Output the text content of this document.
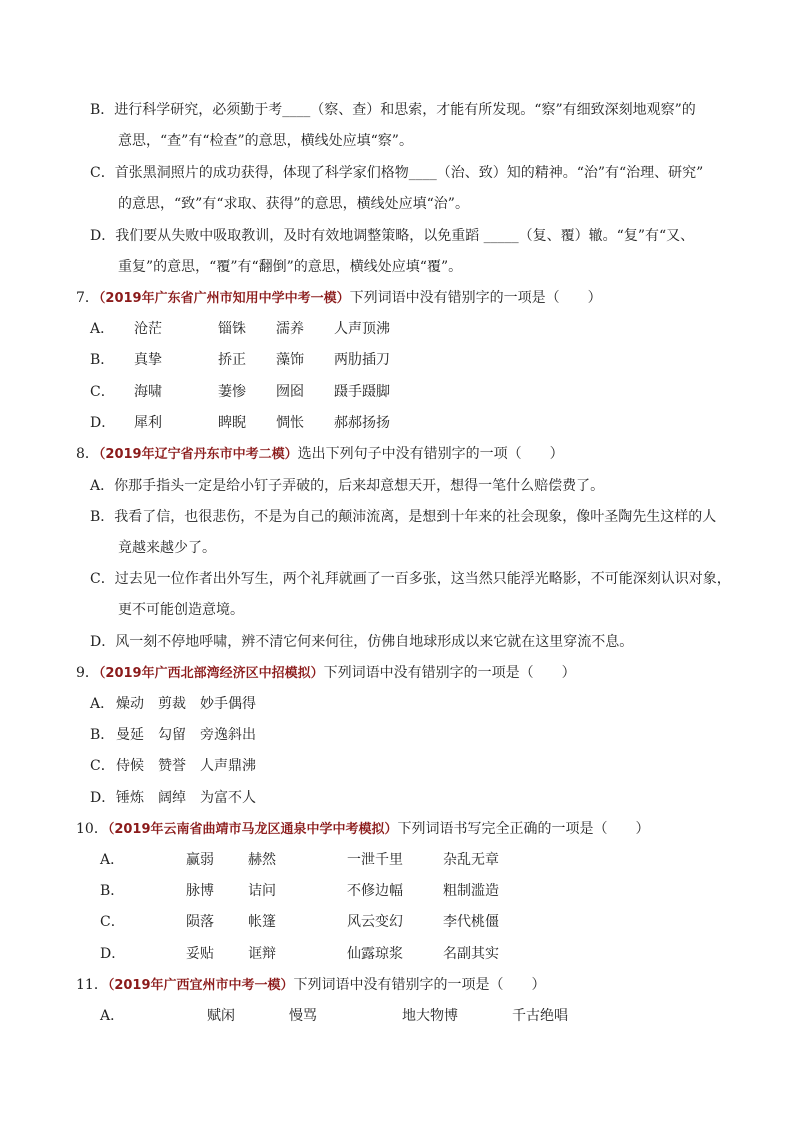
B．进行科学研究，必须勤于考____（察、查）和思索，才能有所发现。“察”有细致深刻地观察”的
意思，“查”有“检查”的意思，横线处应填“察”。
C．首张黑洞照片的成功获得，体现了科学家们格物____（治、致）知的精神。“治”有“治理、研究”
的意思，“致”有“求取、获得”的意思，横线处应填“治”。
D．我们要从失败中吸取教训，及时有效地调整策略，以免重蹈 _____（复、覆）辙。“复”有“又、
重复”的意思，“覆”有“翻倒”的意思，横线处应填“覆”。
7．（2019年广东省广州市知用中学中考一模）下列词语中没有错别字的一项是（　　）
A． 沧茫	锱铢 濡养 人声顶沸
B． 真挚	挢正 藻饰 两肋插刀
C． 海啸	萋惨 囫囵 蹑手蹑脚
D． 犀利	睥睨 惆怅 郝郝扬扬
8．（2019年辽宁省丹东市中考二模）选出下列句子中没有错别字的一项（　　）
A．你那手指头一定是给小钉子弄破的，后来却意想天开，想得一笔什么赔偿费了。
B．我看了信，也很悲伤，不是为自己的颠沛流离，是想到十年来的社会现象，像叶圣陶先生这样的人
竟越来越少了。
C．过去见一位作者出外写生，两个礼拜就画了一百多张，这当然只能浮光略影，不可能深刻认识对象，
更不可能创造意境。
D．风一刻不停地呼啸，辨不清它何来何往，仿佛自地球形成以来它就在这里穿流不息。
9．（2019年广西北部湾经济区中招模拟）下列词语中没有错别字的一项是（　　）
A． 燥动 剪裁 妙手偶得
B． 曼延 勾留 旁逸斜出
C．侍候 赞誉 人声鼎沸
D．锤炼 阔绰 为富不人
10．（2019年云南省曲靖市马龙区通泉中学中考模拟）下列词语书写完全正确的一项是（　　）
A．	赢弱 赫然	一泄千里	杂乱无章
B．	脉博 诘问	不修边幅	粗制滥造
C．	陨落 帐篷	风云变幻	李代桃僵
D．	妥贴 诓辩	仙露琼浆	名副其实
11．（2019年广西宜州市中考一模）下列词语中没有错别字的一项是（　　）
A．	赋闲	慢骂	地大物博	千古绝唱
